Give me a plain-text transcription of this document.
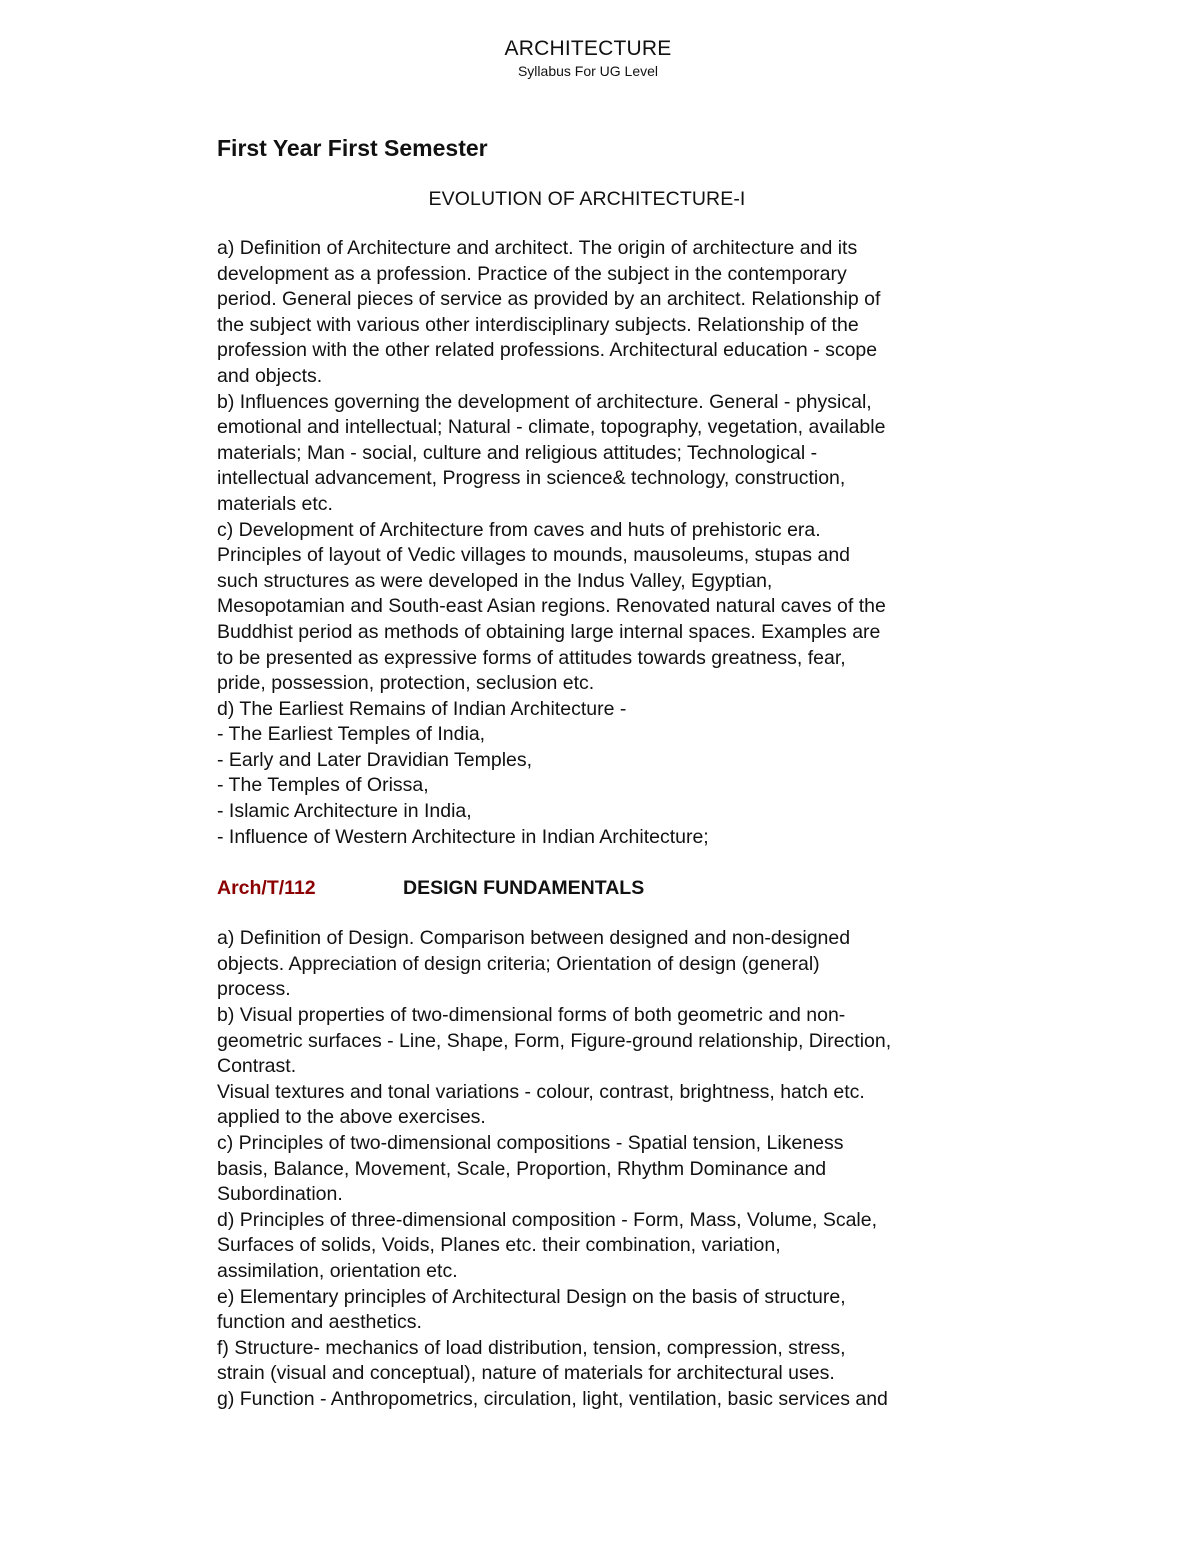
ARCHITECTURE
Syllabus For UG Level
First Year First Semester
EVOLUTION OF ARCHITECTURE-I
a) Definition of Architecture and architect. The origin of architecture and its
development as a profession. Practice of the subject in the contemporary
period. General pieces of service as provided by an architect. Relationship of
the subject with various other interdisciplinary subjects. Relationship of the
profession with the other related professions. Architectural education - scope
and objects.
b) Influences governing the development of architecture. General - physical,
emotional and intellectual; Natural - climate, topography, vegetation, available
materials; Man - social, culture and religious attitudes; Technological -
intellectual advancement, Progress in science& technology, construction,
materials etc.
c) Development of Architecture from caves and huts of prehistoric era.
Principles of layout of Vedic villages to mounds, mausoleums, stupas and
such structures as were developed in the Indus Valley, Egyptian,
Mesopotamian and South-east Asian regions. Renovated natural caves of the
Buddhist period as methods of obtaining large internal spaces. Examples are
to be presented as expressive forms of attitudes towards greatness, fear,
pride, possession, protection, seclusion etc.
d) The Earliest Remains of Indian Architecture -
- The Earliest Temples of India,
- Early and Later Dravidian Temples,
- The Temples of Orissa,
- Islamic Architecture in India,
- Influence of Western Architecture in Indian Architecture;
Arch/T/112	DESIGN FUNDAMENTALS
a) Definition of Design. Comparison between designed and non-designed
objects. Appreciation of design criteria; Orientation of design (general)
process.
b) Visual properties of two-dimensional forms of both geometric and non-
geometric surfaces - Line, Shape, Form, Figure-ground relationship, Direction,
Contrast.
Visual textures and tonal variations - colour, contrast, brightness, hatch etc.
applied to the above exercises.
c) Principles of two-dimensional compositions - Spatial tension, Likeness
basis, Balance, Movement, Scale, Proportion, Rhythm Dominance and
Subordination.
d) Principles of three-dimensional composition - Form, Mass, Volume, Scale,
Surfaces of solids, Voids, Planes etc. their combination, variation,
assimilation, orientation etc.
e) Elementary principles of Architectural Design on the basis of structure,
function and aesthetics.
f) Structure- mechanics of load distribution, tension, compression, stress,
strain (visual and conceptual), nature of materials for architectural uses.
g) Function - Anthropometrics, circulation, light, ventilation, basic services and
